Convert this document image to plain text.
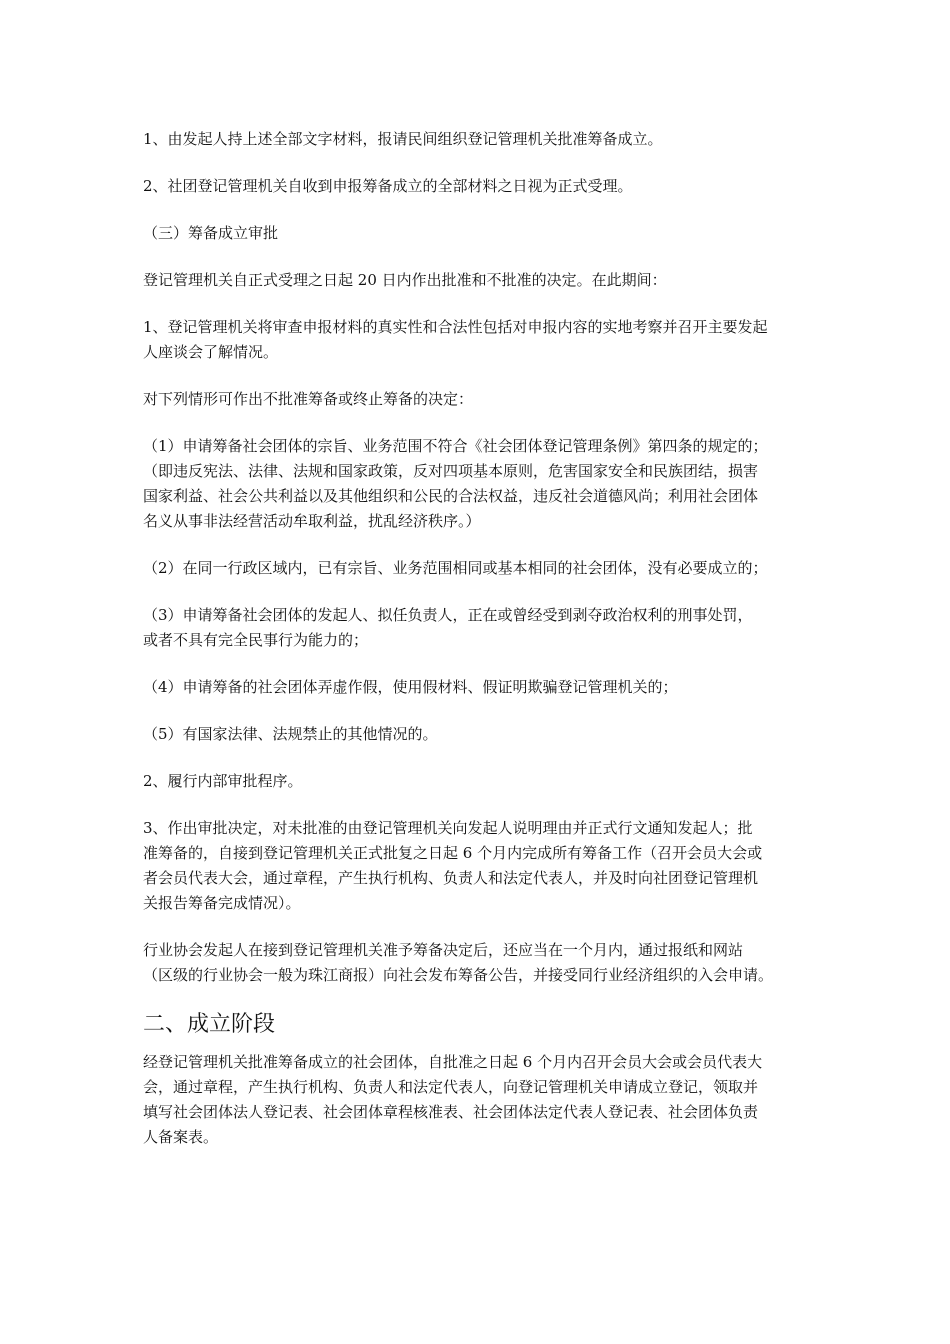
1、由发起人持上述全部文字材料，报请民间组织登记管理机关批准筹备成立。

2、社团登记管理机关自收到申报筹备成立的全部材料之日视为正式受理。

（三）筹备成立审批

登记管理机关自正式受理之日起 20 日内作出批准和不批准的决定。在此期间：

1、登记管理机关将审查申报材料的真实性和合法性包括对申报内容的实地考察并召开主要发起
人座谈会了解情况。

对下列情形可作出不批准筹备或终止筹备的决定：

（1）申请筹备社会团体的宗旨、业务范围不符合《社会团体登记管理条例》第四条的规定的；
（即违反宪法、法律、法规和国家政策，反对四项基本原则，危害国家安全和民族团结，损害
国家利益、社会公共利益以及其他组织和公民的合法权益，违反社会道德风尚；利用社会团体
名义从事非法经营活动牟取利益，扰乱经济秩序。）

（2）在同一行政区域内，已有宗旨、业务范围相同或基本相同的社会团体，没有必要成立的；

（3）申请筹备社会团体的发起人、拟任负责人，正在或曾经受到剥夺政治权利的刑事处罚，
或者不具有完全民事行为能力的；

（4）申请筹备的社会团体弄虚作假，使用假材料、假证明欺骗登记管理机关的；

（5）有国家法律、法规禁止的其他情况的。

2、履行内部审批程序。

3、作出审批决定，对未批准的由登记管理机关向发起人说明理由并正式行文通知发起人；批
准筹备的，自接到登记管理机关正式批复之日起 6 个月内完成所有筹备工作（召开会员大会或
者会员代表大会，通过章程，产生执行机构、负责人和法定代表人，并及时向社团登记管理机
关报告筹备完成情况）。

行业协会发起人在接到登记管理机关准予筹备决定后，还应当在一个月内，通过报纸和网站
（区级的行业协会一般为珠江商报）向社会发布筹备公告，并接受同行业经济组织的入会申请。

二、成立阶段

经登记管理机关批准筹备成立的社会团体，自批准之日起 6 个月内召开会员大会或会员代表大
会，通过章程，产生执行机构、负责人和法定代表人，向登记管理机关申请成立登记，领取并
填写社会团体法人登记表、社会团体章程核准表、社会团体法定代表人登记表、社会团体负责
人备案表。
